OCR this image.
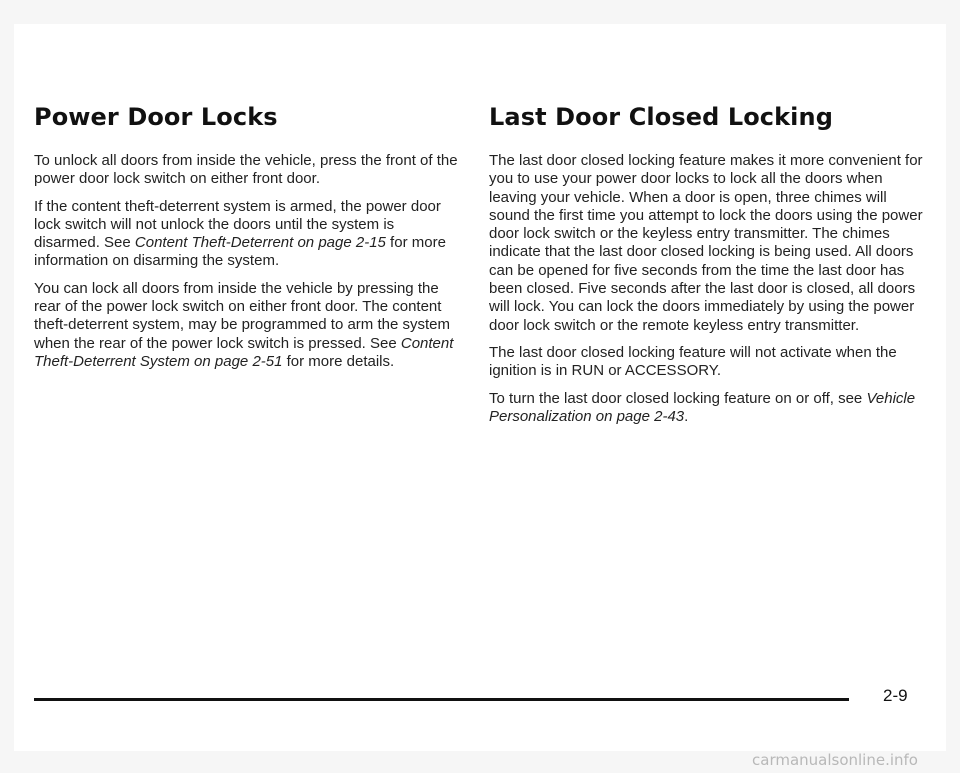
Power Door Locks

To unlock all doors from inside the vehicle, press the front of the power door lock switch on either front door.

If the content theft-deterrent system is armed, the power door lock switch will not unlock the doors until the system is disarmed. See Content Theft-Deterrent on page 2-15 for more information on disarming the system.

You can lock all doors from inside the vehicle by pressing the rear of the power lock switch on either front door. The content theft-deterrent system, may be programmed to arm the system when the rear of the power lock switch is pressed. See Content Theft-Deterrent System on page 2-51 for more details.

Last Door Closed Locking

The last door closed locking feature makes it more convenient for you to use your power door locks to lock all the doors when leaving your vehicle. When a door is open, three chimes will sound the first time you attempt to lock the doors using the power door lock switch or the keyless entry transmitter. The chimes indicate that the last door closed locking is being used. All doors can be opened for five seconds from the time the last door has been closed. Five seconds after the last door is closed, all doors will lock. You can lock the doors immediately by using the power door lock switch or the remote keyless entry transmitter.

The last door closed locking feature will not activate when the ignition is in RUN or ACCESSORY.

To turn the last door closed locking feature on or off, see Vehicle Personalization on page 2-43.

2-9
carmanualsonline.info
